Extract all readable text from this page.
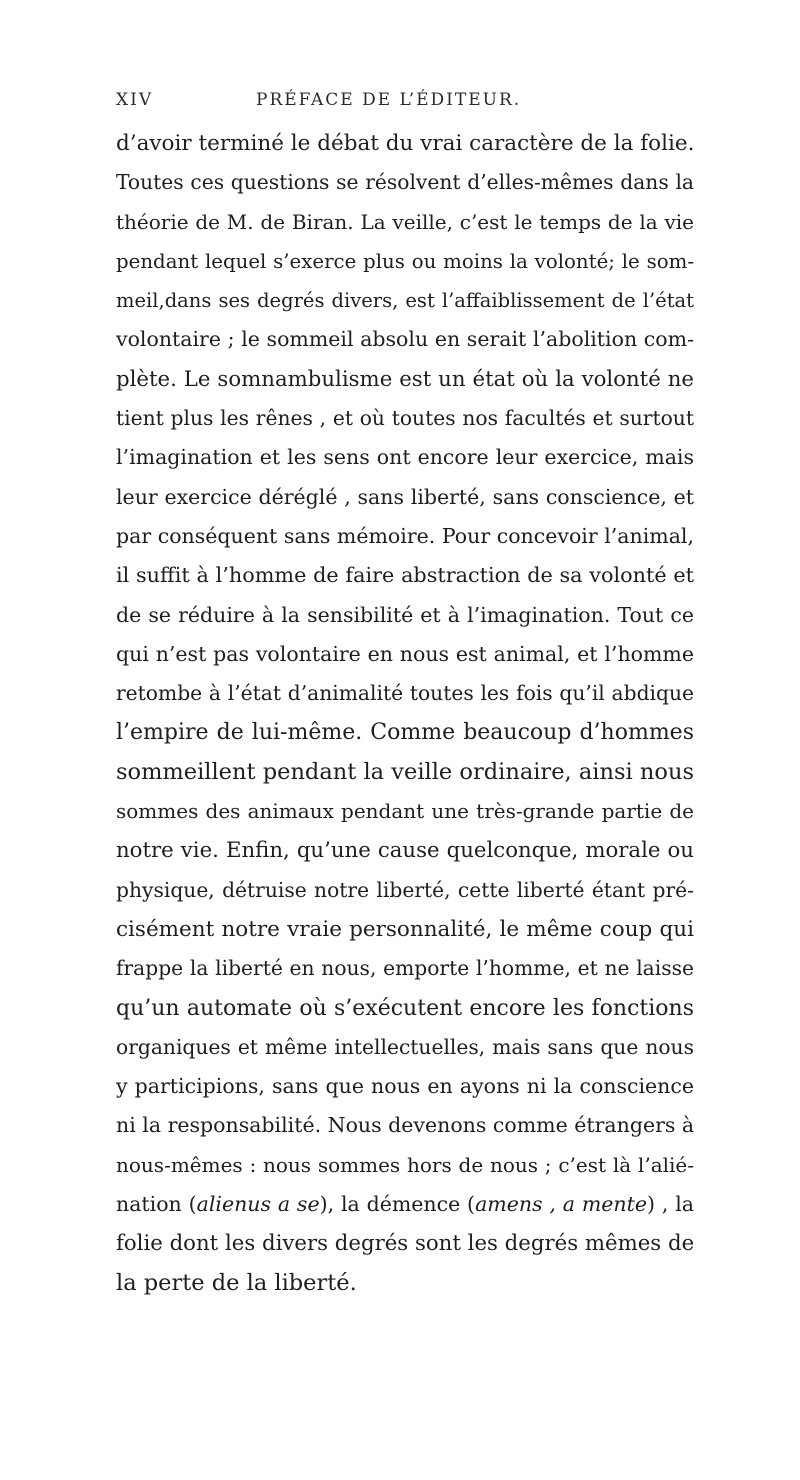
XIV	PRÉFACE DE L’ÉDITEUR.
d’avoir terminé le débat du vrai caractère de la folie.
Toutes ces questions se résolvent d’elles-mêmes dans la
théorie de M. de Biran. La veille, c’est le temps de la vie
pendant lequel s’exerce plus ou moins la volonté; le som-
meil,dans ses degrés divers, est l’affaiblissement de l’état
volontaire ; le sommeil absolu en serait l’abolition com-
plète. Le somnambulisme est un état où la volonté ne
tient plus les rênes , et où toutes nos facultés et surtout
l’imagination et les sens ont encore leur exercice, mais
leur exercice déréglé , sans liberté, sans conscience, et
par conséquent sans mémoire. Pour concevoir l’animal,
il suffit à l’homme de faire abstraction de sa volonté et
de se réduire à la sensibilité et à l’imagination. Tout ce
qui n’est pas volontaire en nous est animal, et l’homme
retombe à l’état d’animalité toutes les fois qu’il abdique
l’empire de lui-même. Comme beaucoup d’hommes
sommeillent pendant la veille ordinaire, ainsi nous
sommes des animaux pendant une très-grande partie de
notre vie. Enfin, qu’une cause quelconque, morale ou
physique, détruise notre liberté, cette liberté étant pré-
cisément notre vraie personnalité, le même coup qui
frappe la liberté en nous, emporte l’homme, et ne laisse
qu’un automate où s’exécutent encore les fonctions
organiques et même intellectuelles, mais sans que nous
y participions, sans que nous en ayons ni la conscience
ni la responsabilité. Nous devenons comme étrangers à
nous-mêmes : nous sommes hors de nous ; c’est là l’alié-
nation (alienus a se), la démence (amens , a mente) , la
folie dont les divers degrés sont les degrés mêmes de
la perte de la liberté.
